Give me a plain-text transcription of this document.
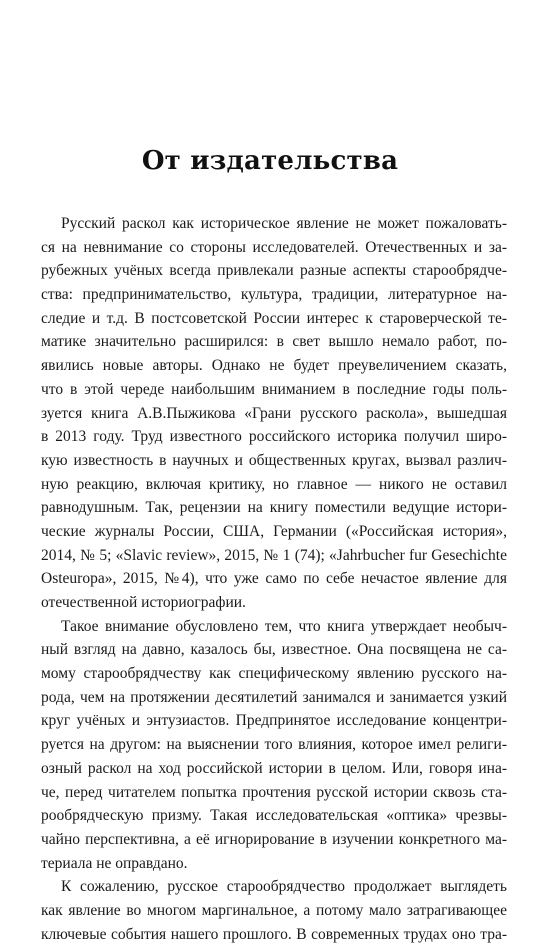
От издательства
Русский раскол как историческое явление не может пожаловать-
ся на невнимание со стороны исследователей. Отечественных и за-
рубежных учёных всегда привлекали разные аспекты старообрядче-
ства: предпринимательство, культура, традиции, литературное на-
следие и т.д. В постсоветской России интерес к староверческой те-
матике значительно расширился: в свет вышло немало работ, по-
явились новые авторы. Однако не будет преувеличением сказать,
что в этой череде наибольшим вниманием в последние годы поль-
зуется книга А.В.Пыжикова «Грани русского раскола», вышедшая
в 2013 году. Труд известного российского историка получил широ-
кую известность в научных и общественных кругах, вызвал различ-
ную реакцию, включая критику, но главное — никого не оставил
равнодушным. Так, рецензии на книгу поместили ведущие истори-
ческие журналы России, США, Германии («Российская история»,
2014, № 5; «Slavic review», 2015, № 1 (74); «Jahrbucher fur Gesechichte
Osteuropa», 2015, №4), что уже само по себе нечастое явление для
отечественной историографии.
Такое внимание обусловлено тем, что книга утверждает необыч-
ный взгляд на давно, казалось бы, известное. Она посвящена не са-
мому старообрядчеству как специфическому явлению русского на-
рода, чем на протяжении десятилетий занимался и занимается узкий
круг учёных и энтузиастов. Предпринятое исследование концентри-
руется на другом: на выяснении того влияния, которое имел религи-
озный раскол на ход российской истории в целом. Или, говоря ина-
че, перед читателем попытка прочтения русской истории сквозь ста-
рообрядческую призму. Такая исследовательская «оптика» чрезвы-
чайно перспективна, а её игнорирование в изучении конкретного ма-
териала не оправдано.
К сожалению, русское старообрядчество продолжает выглядеть
как явление во многом маргинальное, а потому мало затрагивающее
ключевые события нашего прошлого. В современных трудах оно тра-
